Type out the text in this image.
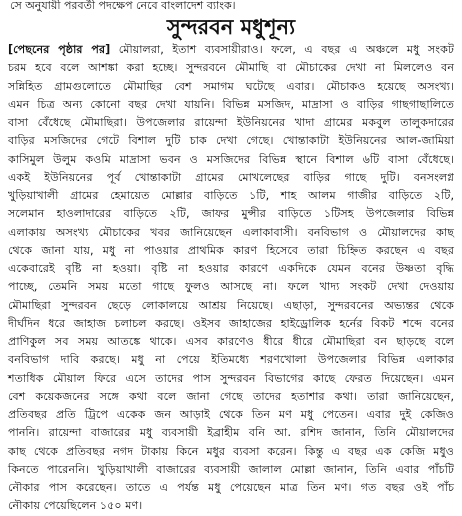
সে অনুযায়ী পরবর্তী পদক্ষেপ নেবে বাংলাদেশ ব্যাংক।
সুন্দরবন মধুশূন্য
[পেছনের পৃষ্ঠার পর] মৌয়ালরা, ইতাশ ব্যবসায়ীরাও। ফলে, এ বছর এ অঞ্চলে মধু সংকট
চরম হবে বলে আশঙ্কা করা হচ্ছে। সুন্দরবনে মৌমাছি বা মৌচাকের দেখা না মিললেও বন
সন্নিহিত গ্রামগুলোতে মৌমাছির বেশ সমাগম ঘটেছে এবার। মৌচাকও হয়েছে অসংখ্য।
এমন চিত্র অন্য কোনো বছর দেখা যায়নি। বিভিন্ন মসজিদ, মাদ্রাসা ও বাড়ির গাছগাছালিতে
বাসা বেঁধেছে মৌমাছিরা। উপজেলার রায়েন্দা ইউনিয়নের খাদা গ্রামের মকবুল তালুকদারের
বাড়ির মসজিদের গেটে বিশাল দুটি চাক দেখা গেছে। খোন্তাকাটা ইউনিয়নের আল-জামিয়া
কাসিমুল উলুম কওমি মাদ্রাসা ভবন ও মসজিদের বিভিন্ন স্থানে বিশাল ৬টি বাসা বেঁধেছে।
একই ইউনিয়নের পূর্ব খোন্তাকাটা গ্রামের মোখলেছের বাড়ির গাছে দুটি। বনসংলগ্ন
খুড়িয়াখালী গ্রামের হেমায়েত মোল্লার বাড়িতে ১টি, শাহ আলম গাজীর বাড়িতে ২টি,
সলেমান হাওলাদারের বাড়িতে ২টি, জাফর মুন্সীর বাড়িতে ১টিসহ উপজেলার বিভিন্ন
এলাকায় অসংখ্য মৌচাকের খবর জানিয়েছেন এলাকাবাসী। বনবিভাগ ও মৌয়ালদের কাছ
থেকে জানা যায়, মধু না পাওয়ার প্রাথমিক কারণ হিসেবে তারা চিহ্নিত করছেন এ বছর
একেবারেই বৃষ্টি না হওয়া। বৃষ্টি না হওয়ার কারণে একদিকে যেমন বনের উষ্ণতা বৃদ্ধি
পাচ্ছে, তেমনি সময় মতো গাছে ফুলও আসছে না। ফলে খাদ্য সংকট দেখা দেওয়ায়
মৌমাছিরা সুন্দরবন ছেড়ে লোকালয়ে আশ্রয় নিয়েছে। এছাড়া, সুন্দরবনের অভ্যন্তর থেকে
দীর্ঘদিন ধরে জাহাজ চলাচল করছে। ওইসব জাহাজের হাইড্রোলিক হর্নের বিকট শব্দে বনের
প্রাণিকুল সব সময় আতঙ্কে থাকে। এসব কারণেও ধীরে ধীরে মৌমাছিরা বন ছাড়ছে বলে
বনবিভাগ দাবি করছে। মধু না পেয়ে ইতিমধ্যে শরণখোলা উপজেলার বিভিন্ন এলাকার
শতাধিক মৌয়াল ফিরে এসে তাদের পাস সুন্দরবন বিভাগের কাছে ফেরত দিয়েছেন। এমন
বেশ কয়েকজনের সঙ্গে কথা বলে জানা গেছে তাদের হতাশার কথা। তারা জানিয়েছেন,
প্রতিবছর প্রতি ট্রিপে একেক জন আড়াই থেকে তিন মণ মধু পেতেন। এবার দুই কেজিও
পাননি। রায়েন্দা বাজারের মধু ব্যবসায়ী ইব্রাহীম বনি আ. রশিদ জানান, তিনি মৌয়ালদের
কাছ থেকে প্রতিবছর নগদ টাকায় কিনে মধুর ব্যবসা করেন। কিন্তু এ বছর এক কেজি মধুও
কিনতে পারেননি। খুড়িয়াখালী বাজারের ব্যবসায়ী জালাল মোল্লা জানান, তিনি এবার পাঁচটি
নৌকার পাস করেছেন। তাতে এ পর্যন্ত মধু পেয়েছেন মাত্র তিন মণ। গত বছর ওই পাঁচ
নৌকায় পেয়েছিলেন ১৫০ মণ।
